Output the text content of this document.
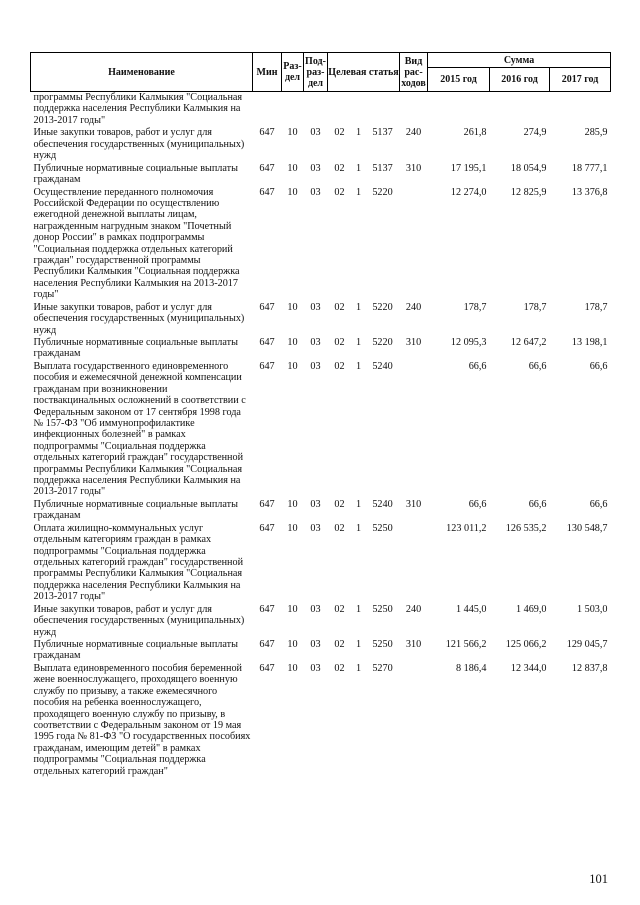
Наименование	Мин	Раз-дел	Под-раз-дел	Целевая статья			Вид рас-ходов	Сумма		
								2015 год	2016 год	2017 год
программы Республики Калмыкия "Социальная поддержка населения Республики Калмыкия на 2013-2017 годы"										
Иные закупки товаров, работ и услуг для обеспечения государственных (муниципальных) нужд	647	10	03	02	1	5137	240	261,8	274,9	285,9
Публичные нормативные социальные выплаты гражданам	647	10	03	02	1	5137	310	17 195,1	18 054,9	18 777,1
Осуществление переданного полномочия Российской Федерации по осуществлению ежегодной денежной выплаты лицам, награжденным нагрудным знаком "Почетный донор России" в рамках подпрограммы "Социальная поддержка отдельных категорий граждан" государственной программы Республики Калмыкия "Социальная поддержка населения Республики Калмыкия на 2013-2017 годы"	647	10	03	02	1	5220		12 274,0	12 825,9	13 376,8
Иные закупки товаров, работ и услуг для обеспечения государственных (муниципальных) нужд	647	10	03	02	1	5220	240	178,7	178,7	178,7
Публичные нормативные социальные выплаты гражданам	647	10	03	02	1	5220	310	12 095,3	12 647,2	13 198,1
Выплата государственного единовременного пособия и ежемесячной денежной компенсации гражданам при возникновении поствакцинальных осложнений в соответствии с Федеральным законом от 17 сентября 1998 года № 157-ФЗ "Об иммунопрофилактике инфекционных болезней" в рамках подпрограммы "Социальная поддержка отдельных категорий граждан" государственной программы Республики Калмыкия "Социальная поддержка населения Республики Калмыкия на 2013-2017 годы"	647	10	03	02	1	5240		66,6	66,6	66,6
Публичные нормативные социальные выплаты гражданам	647	10	03	02	1	5240	310	66,6	66,6	66,6
Оплата жилищно-коммунальных услуг отдельным категориям граждан в рамках подпрограммы "Социальная поддержка отдельных категорий граждан" государственной программы Республики Калмыкия "Социальная поддержка населения Республики Калмыкия на 2013-2017 годы"	647	10	03	02	1	5250		123 011,2	126 535,2	130 548,7
Иные закупки товаров, работ и услуг для обеспечения государственных (муниципальных) нужд	647	10	03	02	1	5250	240	1 445,0	1 469,0	1 503,0
Публичные нормативные социальные выплаты гражданам	647	10	03	02	1	5250	310	121 566,2	125 066,2	129 045,7
Выплата единовременного пособия беременной жене военнослужащего, проходящего военную службу по призыву, а также ежемесячного пособия на ребенка военнослужащего, проходящего военную службу по призыву, в соответствии с Федеральным законом от 19 мая 1995 года № 81-ФЗ "О государственных пособиях гражданам, имеющим детей" в рамках подпрограммы "Социальная поддержка отдельных категорий граждан"	647	10	03	02	1	5270		8 186,4	12 344,0	12 837,8
101
